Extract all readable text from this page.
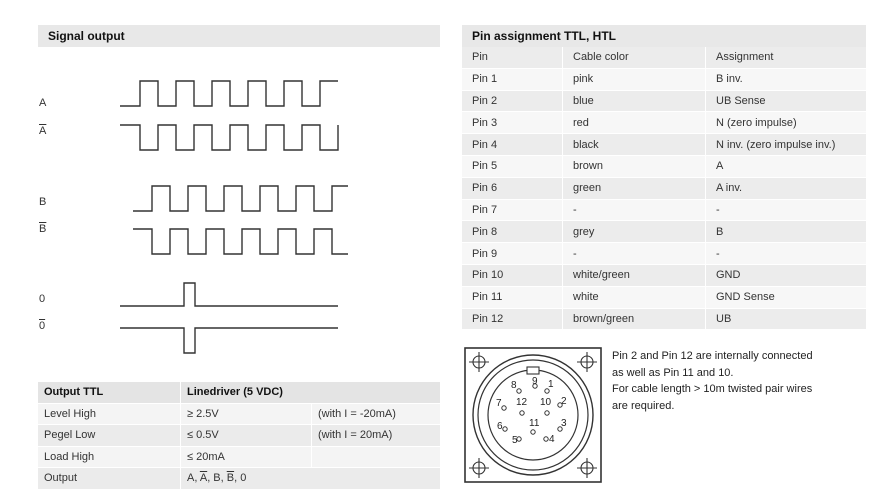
Signal output
A
$\overline{A}$
B
$\overline{B}$
0
0
Output TTL	Linedriver (5 VDC)	
Level High	≥ 2.5V	(with I = -20mA)
Pegel Low	≤ 0.5V	(with I = 20mA)
Load High	≤ 20mA	
Output	A, $\overline{A}$, B, $\overline{B}$, 0	
Pin assignment TTL, HTL
Pin	Cable color	Assignment
Pin 1	pink	B inv.
Pin 2	blue	UB Sense
Pin 3	red	N (zero impulse)
Pin 4	black	N inv. (zero impulse inv.)
Pin 5	brown	A
Pin 6	green	A inv.
Pin 7	-	-
Pin 8	grey	B
Pin 9	-	-
Pin 10	white/green	GND
Pin 11	white	GND Sense
Pin 12	brown/green	UB
9 1
2
3
4
5
6
7
8
10
11
12
Pin 2 and Pin 12 are internally connected
as well as Pin 11 and 10.
For cable length > 10m twisted pair wires
are required.
